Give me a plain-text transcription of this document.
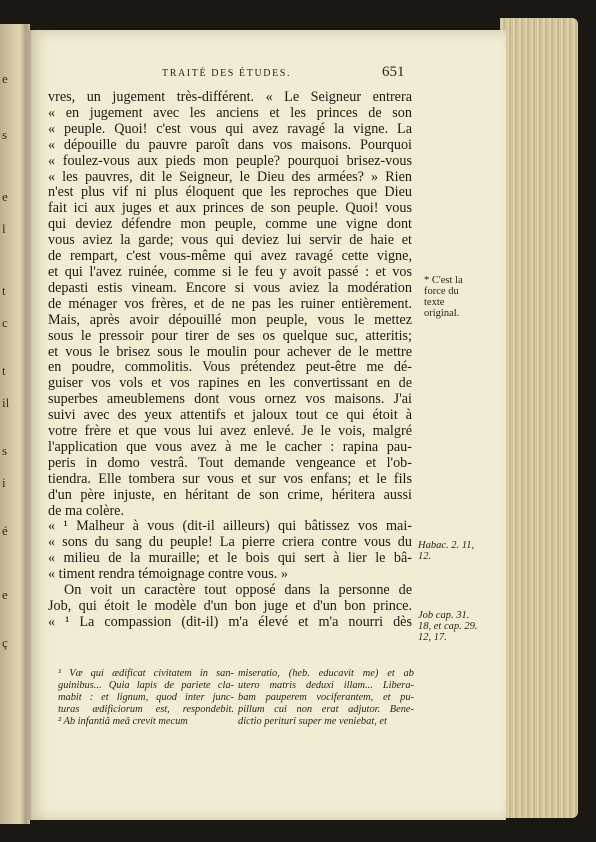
e
s
e
l
t
c
t
il
s
i
é
e
ç
TRAITÉ DES ÉTUDES.	651
vres, un jugement très-différent. « Le Seigneur entrera
« en jugement avec les anciens et les princes de son
« peuple. Quoi! c'est vous qui avez ravagé la vigne. La
« dépouille du pauvre paroît dans vos maisons. Pourquoi
« foulez-vous aux pieds mon peuple? pourquoi brisez-vous
« les pauvres, dit le Seigneur, le Dieu des armées? » Rien
n'est plus vif ni plus éloquent que les reproches que Dieu
fait ici aux juges et aux princes de son peuple. Quoi! vous
qui deviez défendre mon peuple, comme une vigne dont
vous aviez la garde; vous qui deviez lui servir de haie et
de rempart, c'est vous-même qui avez ravagé cette vigne,
et qui l'avez ruinée, comme si le feu y avoit passé : et vos
depasti estis vineam. Encore si vous aviez la modération
de ménager vos frères, et de ne pas les ruiner entièrement.
Mais, après avoir dépouillé mon peuple, vous le mettez
sous le pressoir pour tirer de ses os quelque suc, atteritis;
et vous le brisez sous le moulin pour achever de le mettre
en poudre, commolitis. Vous prétendez peut-être me dé-
guiser vos vols et vos rapines en les convertissant en de
superbes ameublemens dont vous ornez vos maisons. J'ai
suivi avec des yeux attentifs et jaloux tout ce qui étoit à
votre frère et que vous lui avez enlevé. Je le vois, malgré
l'application que vous avez à me le cacher : rapina pau-
peris in domo vestrâ. Tout demande vengeance et l'ob-
tiendra. Elle tombera sur vous et sur vos enfans; et le fils
d'un père injuste, en héritant de son crime, héritera aussi
de ma colère.
« ¹ Malheur à vous (dit-il ailleurs) qui bâtissez vos mai-
« sons du sang du peuple! La pierre criera contre vous du
« milieu de la muraille; et le bois qui sert à lier le bâ-
« timent rendra témoignage contre vous. »
On voit un caractère tout opposé dans la personne de
Job, qui étoit le modèle d'un bon juge et d'un bon prince.
« ¹ La compassion (dit-il) m'a élevé et m'a nourri dès
* C'est la force du texte original.
Habac. 2. 11, 12.
Job cap. 31. 18, et cap. 29. 12, 17.
¹ Væ qui ædificat civitatem in san-
guinibus... Quia lapis de pariete cla-
mabit : et lignum, quod inter junc-
turas ædificiorum est, respondebit.
² Ab infantiâ meâ crevit mecum
miseratio, (heb. educavit me) et ab
utero matris deduxi illam... Libera-
bam pauperem vociferantem, et pu-
pillum cui non erat adjutor. Bene-
dictio perituri super me veniebat, et
